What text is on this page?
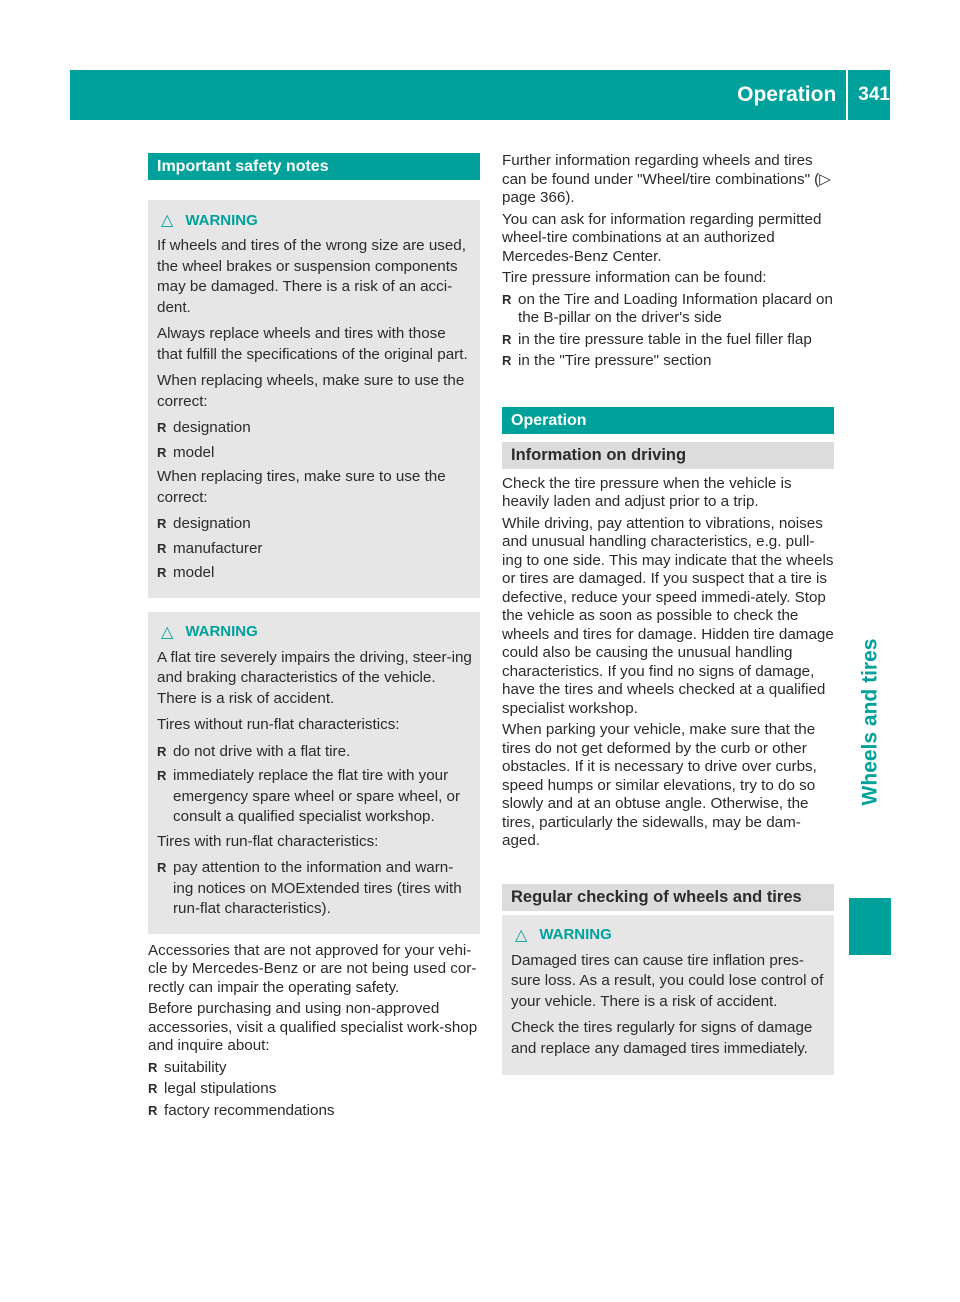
Operation	341
Wheels and tires
Important safety notes
△ WARNING

If wheels and tires of the wrong size are used, the wheel brakes or suspension components may be damaged. There is a risk of an acci-dent.

Always replace wheels and tires with those that fulfill the specifications of the original part.

When replacing wheels, make sure to use the correct:

R designation
R model

When replacing tires, make sure to use the correct:

R designation
R manufacturer
R model
△ WARNING

A flat tire severely impairs the driving, steer-ing and braking characteristics of the vehicle. There is a risk of accident.

Tires without run-flat characteristics:

R do not drive with a flat tire.
R immediately replace the flat tire with your emergency spare wheel or spare wheel, or consult a qualified specialist workshop.

Tires with run-flat characteristics:

R pay attention to the information and warn-ing notices on MOExtended tires (tires with run-flat characteristics).

Accessories that are not approved for your vehi-cle by Mercedes-Benz or are not being used cor-rectly can impair the operating safety.

Before purchasing and using non-approved accessories, visit a qualified specialist work-shop and inquire about:

R suitability
R legal stipulations
R factory recommendations

Further information regarding wheels and tires can be found under "Wheel/tire combinations" (▷ page 366).

You can ask for information regarding permitted wheel-tire combinations at an authorized Mercedes-Benz Center.

Tire pressure information can be found:

R on the Tire and Loading Information placard on the B-pillar on the driver's side
R in the tire pressure table in the fuel filler flap
R in the "Tire pressure" section
Operation
Information on driving

Check the tire pressure when the vehicle is heavily laden and adjust prior to a trip.

While driving, pay attention to vibrations, noises and unusual handling characteristics, e.g. pull-ing to one side. This may indicate that the wheels or tires are damaged. If you suspect that a tire is defective, reduce your speed immedi-ately. Stop the vehicle as soon as possible to check the wheels and tires for damage. Hidden tire damage could also be causing the unusual handling characteristics. If you find no signs of damage, have the tires and wheels checked at a qualified specialist workshop.

When parking your vehicle, make sure that the tires do not get deformed by the curb or other obstacles. If it is necessary to drive over curbs, speed humps or similar elevations, try to do so slowly and at an obtuse angle. Otherwise, the tires, particularly the sidewalls, may be dam-aged.

Regular checking of wheels and tires
△ WARNING

Damaged tires can cause tire inflation pres-sure loss. As a result, you could lose control of your vehicle. There is a risk of accident.

Check the tires regularly for signs of damage and replace any damaged tires immediately.
